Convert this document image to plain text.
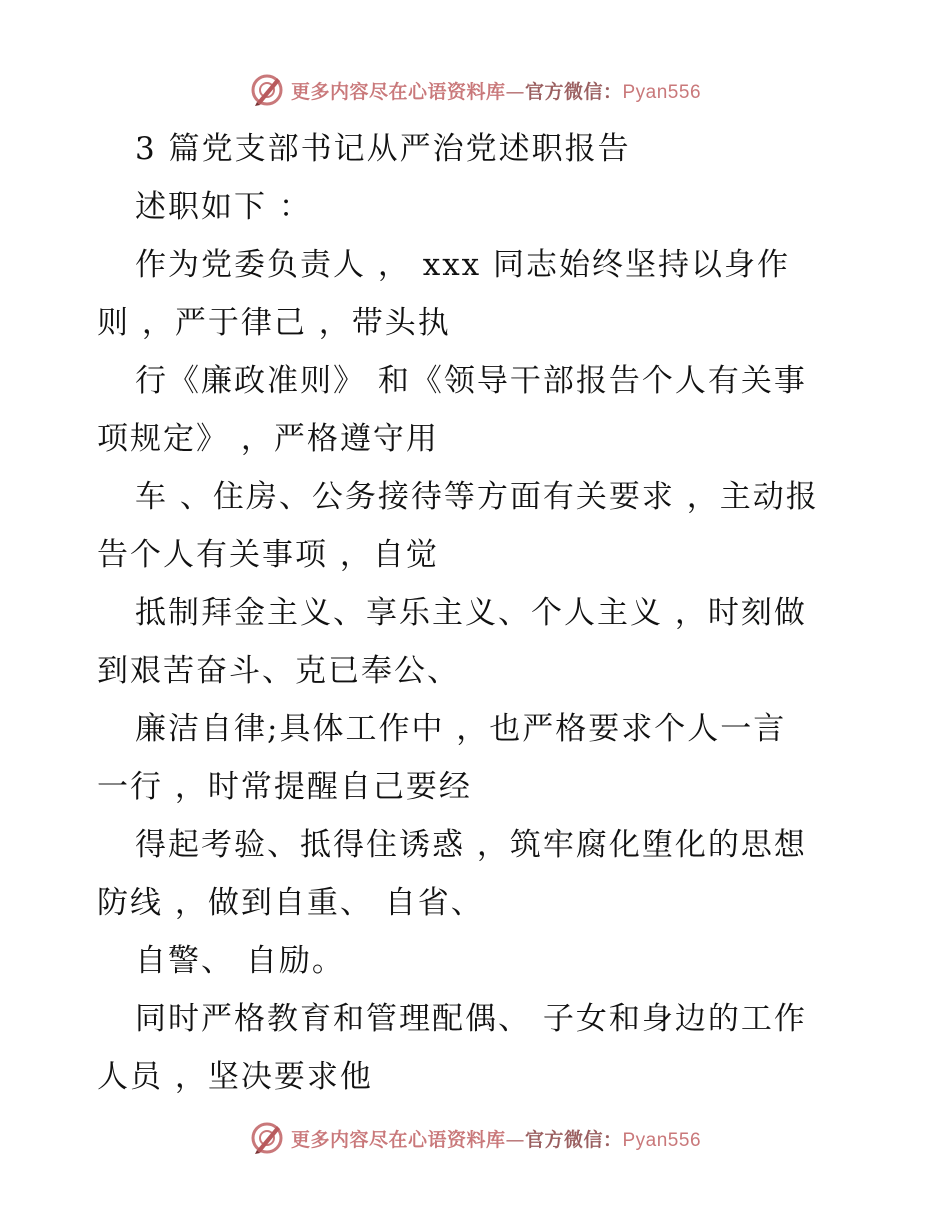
更多内容尽在心语资料库—官方微信：Pyan556
3 篇党支部书记从严治党述职报告
述职如下 ：
作为党委负责人 ， xxx 同志始终坚持以身作
则 ，严于律己 ，带头执
行《廉政准则》 和《领导干部报告个人有关事
项规定》 ，严格遵守用
车 、住房、公务接待等方面有关要求 ，主动报
告个人有关事项 ，自觉
抵制拜金主义、享乐主义、个人主义 ，时刻做
到艰苦奋斗、克已奉公、
廉洁自律;具体工作中 ，也严格要求个人一言
一行 ，时常提醒自己要经
得起考验、抵得住诱惑 ，筑牢腐化堕化的思想
防线 ，做到自重、 自省、
自警、 自励。
同时严格教育和管理配偶、 子女和身边的工作
人员 ，坚决要求他
更多内容尽在心语资料库—官方微信：Pyan556
